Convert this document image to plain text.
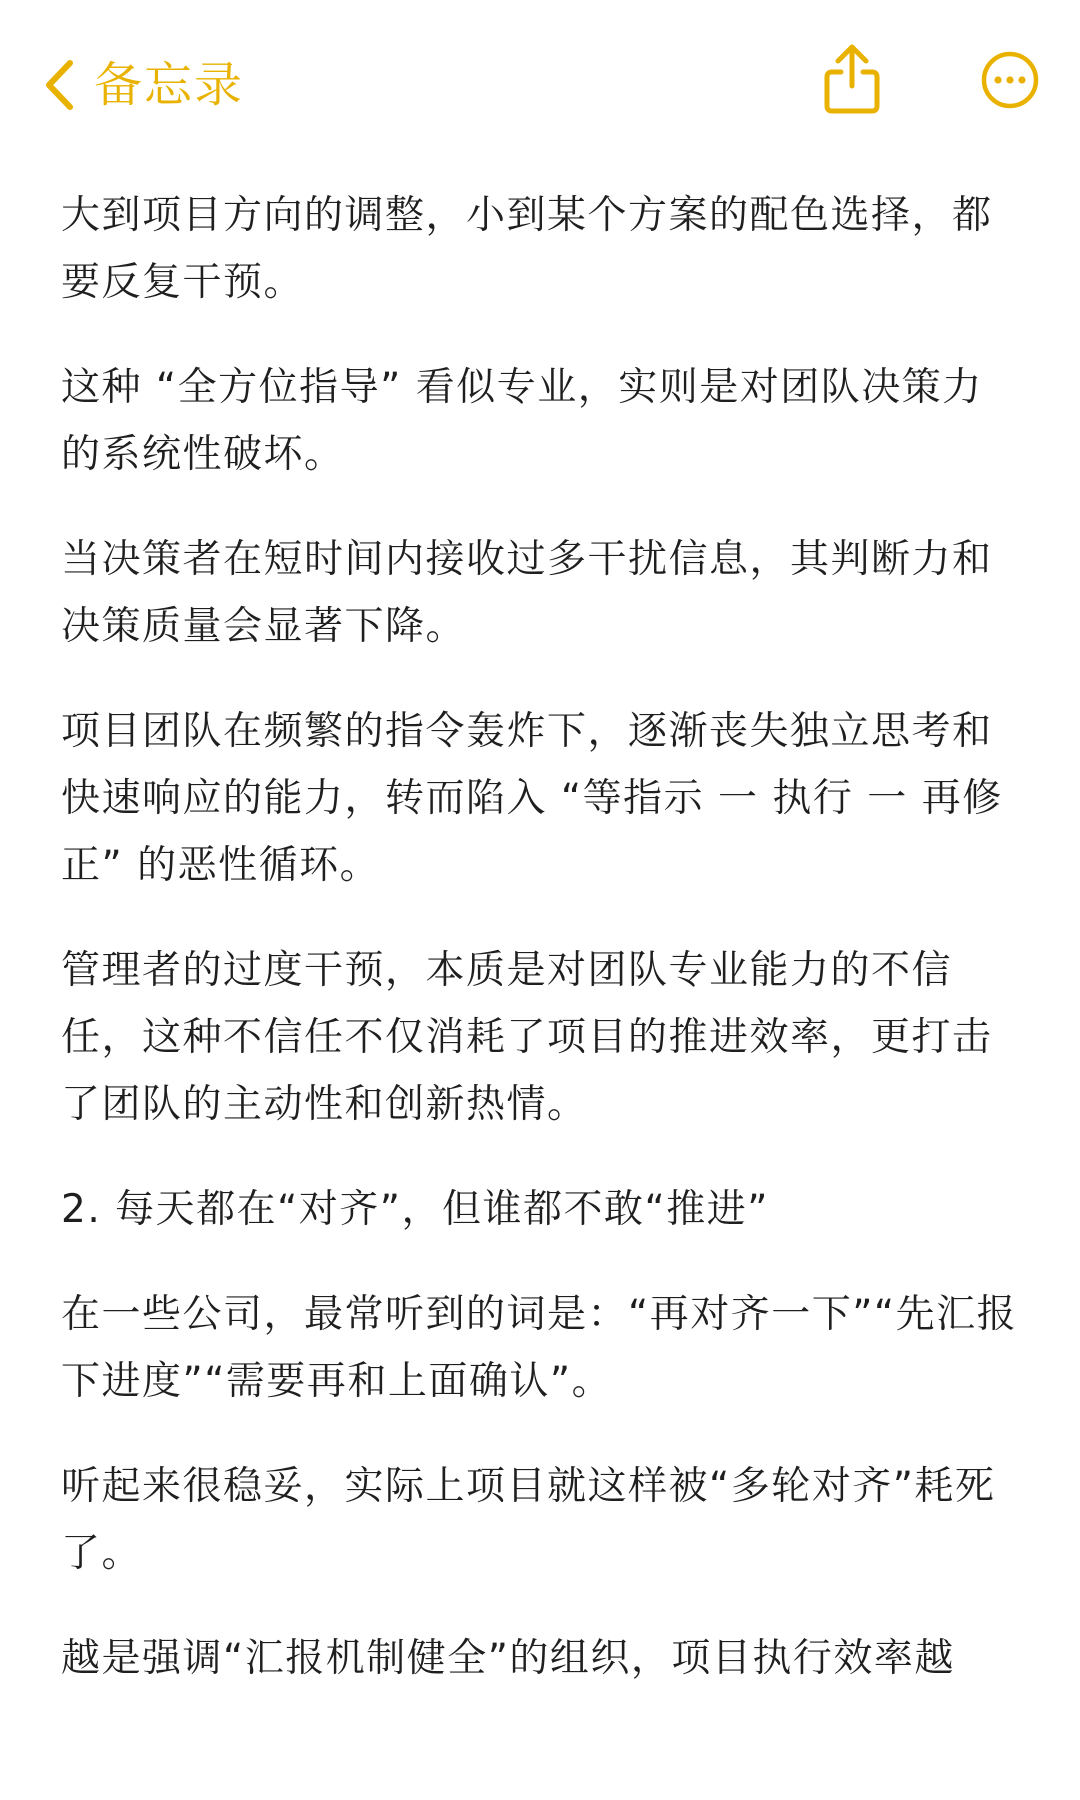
备忘录

大到项目方向的调整，小到某个方案的配色选择，都要反复干预。

这种 “全方位指导” 看似专业，实则是对团队决策力的系统性破坏。

当决策者在短时间内接收过多干扰信息，其判断力和决策质量会显著下降。

项目团队在频繁的指令轰炸下，逐渐丧失独立思考和快速响应的能力，转而陷入 “等指示 一 执行 一 再修正” 的恶性循环。

管理者的过度干预，本质是对团队专业能力的不信任，这种不信任不仅消耗了项目的推进效率，更打击了团队的主动性和创新热情。

2. 每天都在“对齐”，但谁都不敢“推进”

在一些公司，最常听到的词是：“再对齐一下”“先汇报下进度”“需要再和上面确认”。

听起来很稳妥，实际上项目就这样被“多轮对齐”耗死了。

越是强调“汇报机制健全”的组织，项目执行效率越
